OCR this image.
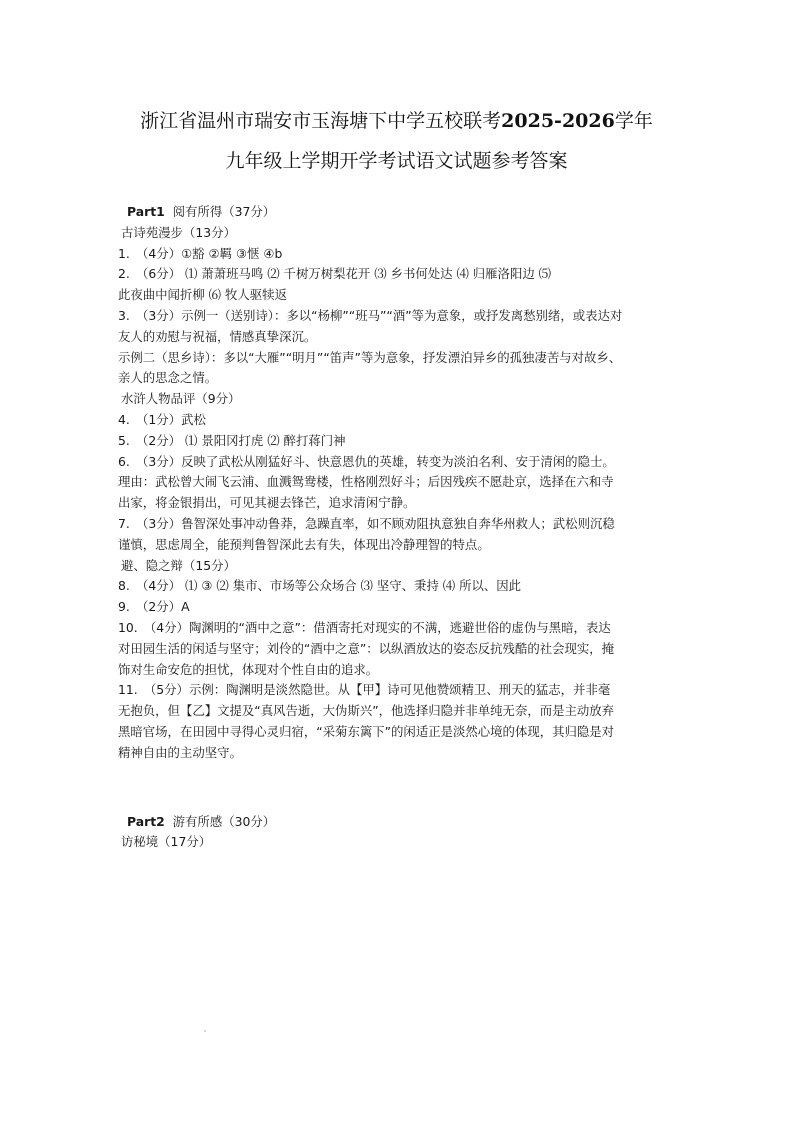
浙江省温州市瑞安市玉海塘下中学五校联考2025-2026学年
九年级上学期开学考试语文试题参考答案

Part1 阅有所得（37分）

古诗苑漫步（13分）

1.　（4分）①豁 ②羁 ③惬 ④b

2.　（6分） ⑴ 萧萧班马鸣 ⑵ 千树万树梨花开 ⑶ 乡书何处达 ⑷ 归雁洛阳边 ⑸

此夜曲中闻折柳 ⑹ 牧人驱犊返

3.　（3分）示例一（送别诗）：多以“杨柳”“班马”“酒”等为意象，或抒发离愁别绪，或表达对

友人的劝慰与祝福，情感真挚深沉。

示例二（思乡诗）：多以“大雁”“明月”“笛声”等为意象，抒发漂泊异乡的孤独凄苦与对故乡、

亲人的思念之情。

水浒人物品评（9分）

4.　（1分）武松

5.　（2分） ⑴ 景阳冈打虎 ⑵ 醉打蒋门神

6.　（3分）反映了武松从刚猛好斗、快意恩仇的英雄，转变为淡泊名利、安于清闲的隐士。

理由：武松曾大闹飞云浦、血溅鸳鸯楼，性格刚烈好斗；后因残疾不愿赴京，选择在六和寺

出家，将金银捐出，可见其褪去锋芒，追求清闲宁静。

7.　（3分）鲁智深处事冲动鲁莽，急躁直率，如不顾劝阻执意独自奔华州救人；武松则沉稳

谨慎，思虑周全，能预判鲁智深此去有失，体现出冷静理智的特点。

避、隐之辩（15分）

8.　（4分） ⑴ ③ ⑵ 集市、市场等公众场合 ⑶ 坚守、秉持 ⑷ 所以、因此

9.　（2分）A

10.　（4分）陶渊明的“酒中之意”：借酒寄托对现实的不满，逃避世俗的虚伪与黑暗，表达

对田园生活的闲适与坚守；刘伶的“酒中之意”：以纵酒放达的姿态反抗残酷的社会现实，掩

饰对生命安危的担忧，体现对个性自由的追求。

11.　（5分）示例：陶渊明是淡然隐世。从【甲】诗可见他赞颂精卫、刑天的猛志，并非毫

无抱负，但【乙】文提及“真风告逝，大伪斯兴”，他选择归隐并非单纯无奈，而是主动放弃

黑暗官场，在田园中寻得心灵归宿，“采菊东篱下”的闲适正是淡然心境的体现，其归隐是对

精神自由的主动坚守。

Part2 游有所感（30分）

访秘境（17分）
